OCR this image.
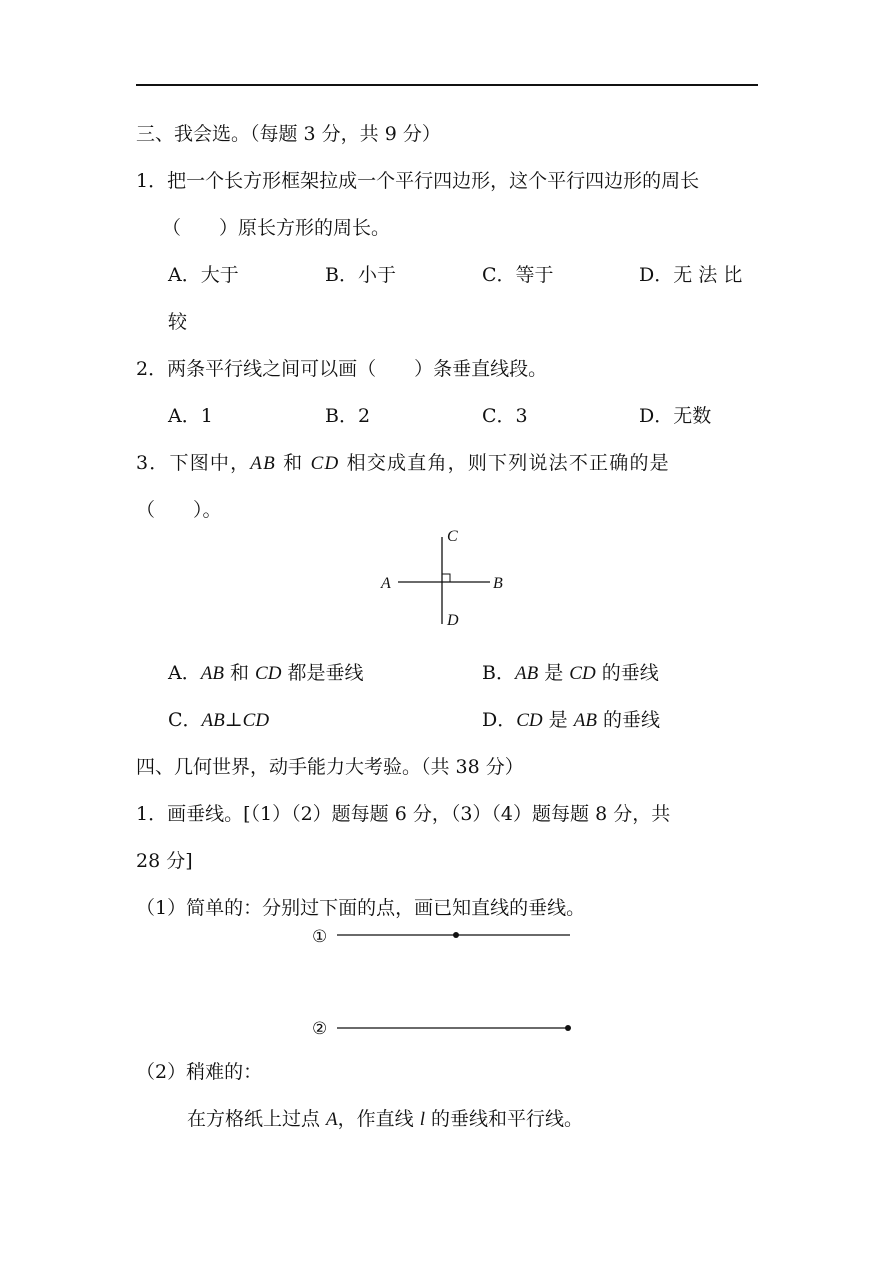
三、我会选。（每题 3 分，共 9 分）
1．把一个长方形框架拉成一个平行四边形，这个平行四边形的周长
（　　）原长方形的周长。
A．大于	B．小于	C．等于	D．无 法 比
较
2．两条平行线之间可以画（　　）条垂直线段。
A．1	B．2	C．3	D．无数
3．下图中，AB 和 CD 相交成直角，则下列说法不正确的是
（　　）。
C
A	B
D
A．AB 和 CD 都是垂线	B．AB 是 CD 的垂线
C．AB⊥CD	D．CD 是 AB 的垂线
四、几何世界，动手能力大考验。（共 38 分）
1．画垂线。[（1）（2）题每题 6 分，（3）（4）题每题 8 分，共
28 分]
（1）简单的：分别过下面的点，画已知直线的垂线。
①
②
（2）稍难的：
在方格纸上过点 A，作直线 l 的垂线和平行线。
